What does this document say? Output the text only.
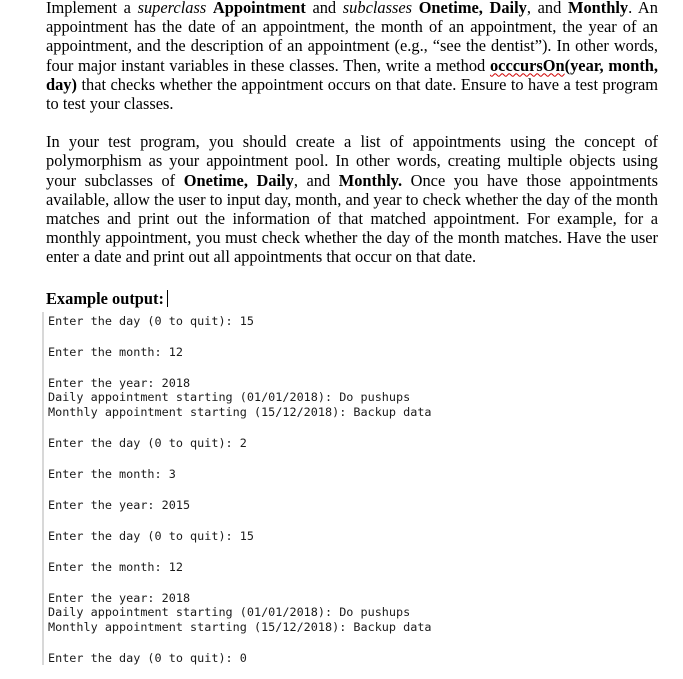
Implement a superclass Appointment and subclasses Onetime, Daily, and Monthly. An appointment has the date of an appointment, the month of an appointment, the year of an appointment, and the description of an appointment (e.g., “see the dentist”). In other words, four major instant variables in these classes. Then, write a method occcursOn(year, month, day) that checks whether the appointment occurs on that date. Ensure to have a test program to test your classes.

In your test program, you should create a list of appointments using the concept of polymorphism as your appointment pool. In other words, creating multiple objects using your subclasses of Onetime, Daily, and Monthly. Once you have those appointments available, allow the user to input day, month, and year to check whether the day of the month matches and print out the information of that matched appointment. For example, for a monthly appointment, you must check whether the day of the month matches. Have the user enter a date and print out all appointments that occur on that date.

Example output:
Enter the day (0 to quit): 15
Enter the month: 12
Enter the year: 2018
Daily appointment starting (01/01/2018): Do pushups
Monthly appointment starting (15/12/2018): Backup data
Enter the day (0 to quit): 2
Enter the month: 3
Enter the year: 2015
Enter the day (0 to quit): 15
Enter the month: 12
Enter the year: 2018
Daily appointment starting (01/01/2018): Do pushups
Monthly appointment starting (15/12/2018): Backup data
Enter the day (0 to quit): 0
